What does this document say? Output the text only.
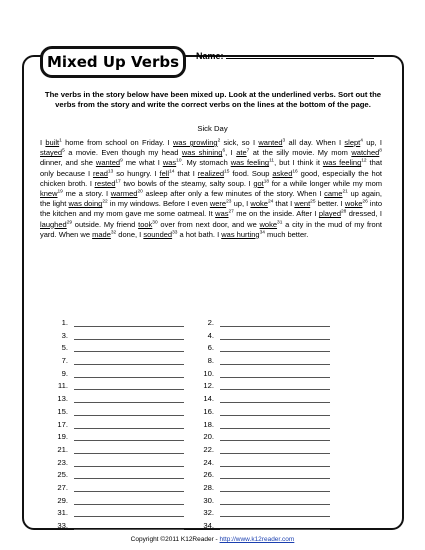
Mixed Up Verbs	Name:
The verbs in the story below have been mixed up. Look at the underlined verbs. Sort out the verbs from the story and write the correct verbs on the lines at the bottom of the page.
Sick Day
I built$^1$ home from school on Friday. I was growling$^2$ sick, so I wanted$^3$ all day. When I slept$^4$ up, I stayed$^5$ a movie. Even though my head was shining$^6$, I ate$^7$ at the silly movie. My mom watched$^8$ dinner, and she wanted$^9$ me what I was$^{10}$. My stomach was feeling$^{11}$, but I think it was feeling$^{12}$ that only because I read$^{13}$ so hungry. I fell$^{14}$ that I realized$^{15}$ food. Soup asked$^{16}$ good, especially the hot chicken broth. I rested$^{17}$ two bowls of the steamy, salty soup. I got$^{18}$ for a while longer while my mom knew$^{19}$ me a story. I warmed$^{20}$ asleep after only a few minutes of the story. When I came$^{21}$ up again, the light was doing$^{22}$ in my windows. Before I even were$^{23}$ up, I woke$^{24}$ that I went$^{25}$ better. I woke$^{26}$ into the kitchen and my mom gave me some oatmeal. It was$^{27}$ me on the inside. After I played$^{28}$ dressed, I laughed$^{29}$ outside. My friend took$^{30}$ over from next door, and we woke$^{31}$ a city in the mud of my front yard. When we made$^{32}$ done, I sounded$^{33}$ a hot bath. I was hurting$^{34}$ much better.
1.	2.
3.	4.
5.	6.
7.	8.
9.	10.
11.	12.
13.	14.
15.	16.
17.	18.
19.	20.
21.	22.
23.	24.
25.	26.
27.	28.
29.	30.
31.	32.
33.	34.
Copyright ©2011 K12Reader - http://www.k12reader.com
